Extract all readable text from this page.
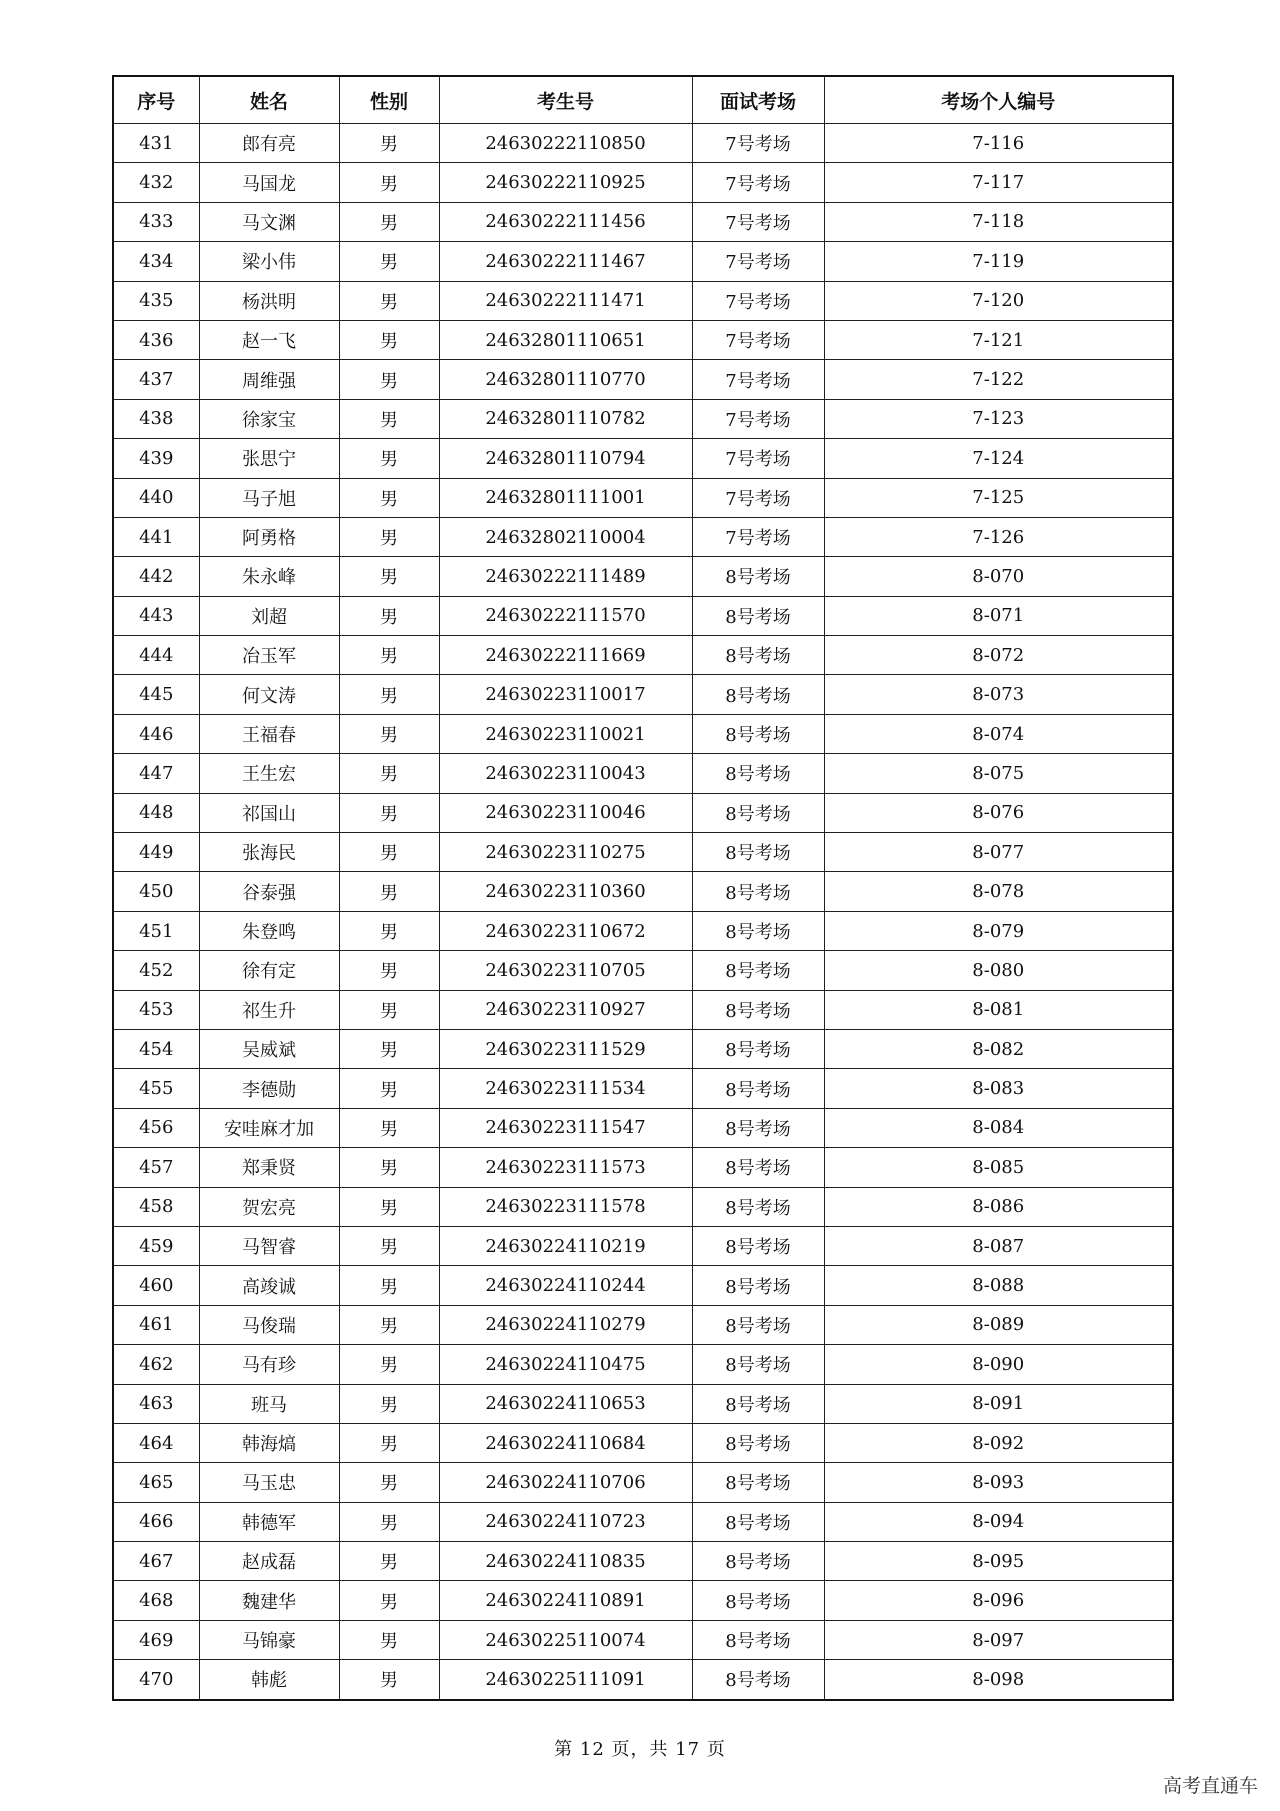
序号	姓名	性别	考生号	面试考场	考场个人编号
431	郎有亮	男	24630222110850	7号考场	7-116
432	马国龙	男	24630222110925	7号考场	7-117
433	马文渊	男	24630222111456	7号考场	7-118
434	梁小伟	男	24630222111467	7号考场	7-119
435	杨洪明	男	24630222111471	7号考场	7-120
436	赵一飞	男	24632801110651	7号考场	7-121
437	周维强	男	24632801110770	7号考场	7-122
438	徐家宝	男	24632801110782	7号考场	7-123
439	张思宁	男	24632801110794	7号考场	7-124
440	马子旭	男	24632801111001	7号考场	7-125
441	阿勇格	男	24632802110004	7号考场	7-126
442	朱永峰	男	24630222111489	8号考场	8-070
443	刘超	男	24630222111570	8号考场	8-071
444	冶玉军	男	24630222111669	8号考场	8-072
445	何文涛	男	24630223110017	8号考场	8-073
446	王福春	男	24630223110021	8号考场	8-074
447	王生宏	男	24630223110043	8号考场	8-075
448	祁国山	男	24630223110046	8号考场	8-076
449	张海民	男	24630223110275	8号考场	8-077
450	谷泰强	男	24630223110360	8号考场	8-078
451	朱登鸣	男	24630223110672	8号考场	8-079
452	徐有定	男	24630223110705	8号考场	8-080
453	祁生升	男	24630223110927	8号考场	8-081
454	吴威斌	男	24630223111529	8号考场	8-082
455	李德勋	男	24630223111534	8号考场	8-083
456	安哇麻才加	男	24630223111547	8号考场	8-084
457	郑秉贤	男	24630223111573	8号考场	8-085
458	贺宏亮	男	24630223111578	8号考场	8-086
459	马智睿	男	24630224110219	8号考场	8-087
460	高竣诚	男	24630224110244	8号考场	8-088
461	马俊瑞	男	24630224110279	8号考场	8-089
462	马有珍	男	24630224110475	8号考场	8-090
463	班马	男	24630224110653	8号考场	8-091
464	韩海熇	男	24630224110684	8号考场	8-092
465	马玉忠	男	24630224110706	8号考场	8-093
466	韩德军	男	24630224110723	8号考场	8-094
467	赵成磊	男	24630224110835	8号考场	8-095
468	魏建华	男	24630224110891	8号考场	8-096
469	马锦豪	男	24630225110074	8号考场	8-097
470	韩彪	男	24630225111091	8号考场	8-098
第 12 页，共 17 页
高考直通车
